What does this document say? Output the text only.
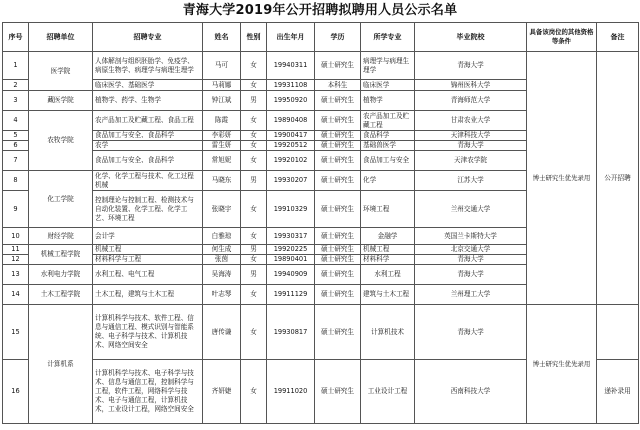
青海大学2019年公开招聘拟聘用人员公示名单
序号	招聘单位	招聘专业	姓名	性别	出生年月	学历	所学专业	毕业院校	具备该岗位的其他资格等条件	备注
1	医学院	人体解剖与组织胚胎学、免疫学、病原生物学、病理学与病理生理学	马可	女	19940311	硕士研究生	病理学与病理生理学	青海大学	博士研究生优先录用	公开招聘
2		临床医学、基础医学	马莉娜	女	19931108	本科生	临床医学	锦州医科大学		
3	藏医学院	植物学、药学、生物学	钟江斌	男	19950920	硕士研究生	植物学	青海师范大学		
4	农牧学院	农产品加工及贮藏工程、食品工程	陈霞	女	19890408	硕士研究生	农产品加工及贮藏工程	甘肃农业大学		
5		食品加工与安全、食品科学	李彩妍	女	19900417	硕士研究生	食品科学	天津科技大学		
6		农学	雷生妍	女	19920512	硕士研究生	基础兽医学	青海大学		
7		食品加工与安全、食品科学	常旭妮	女	19920102	硕士研究生	食品加工与安全	天津农学院		
8	化工学院	化学、化学工程与技术、化工过程机械	马晓东	男	19930207	硕士研究生	化学	江苏大学		
9		控制理论与控制工程、检测技术与自动化装置、化学工程、化学工艺、环境工程	张晓宇	女	19910329	硕士研究生	环境工程	兰州交通大学		
10	财经学院	会计学	白雅琼	女	19930317	硕士研究生	金融学	英国兰卡斯特大学		
11	机械工程学院	机械工程	何生成	男	19920225	硕士研究生	机械工程	北京交通大学		
12		材料科学与工程	张茵	女	19890401	硕士研究生	材料科学	青海大学		
13	水利电力学院	水利工程、电气工程	吴海涛	男	19940909	硕士研究生	水利工程	青海大学		
14	土木工程学院	土木工程，建筑与土木工程	叶志琴	女	19911129	硕士研究生	建筑与土木工程	兰州理工大学		
15	计算机系	计算机科学与技术、软件工程、信息与通信工程、模式识别与智能系统、电子科学与技术、计算机技术、网络空间安全	唐传谦	女	19930817	硕士研究生	计算机技术	青海大学	博士研究生优先录用	
16		计算机科学与技术、电子科学与技术、信息与通信工程，控制科学与工程，软件工程，网络科学与技术、电子与通信工程，计算机技术，工业设计工程，网络空间安全	齐妍婕	女	19911020	硕士研究生	工业设计工程	西南科技大学		递补录用
